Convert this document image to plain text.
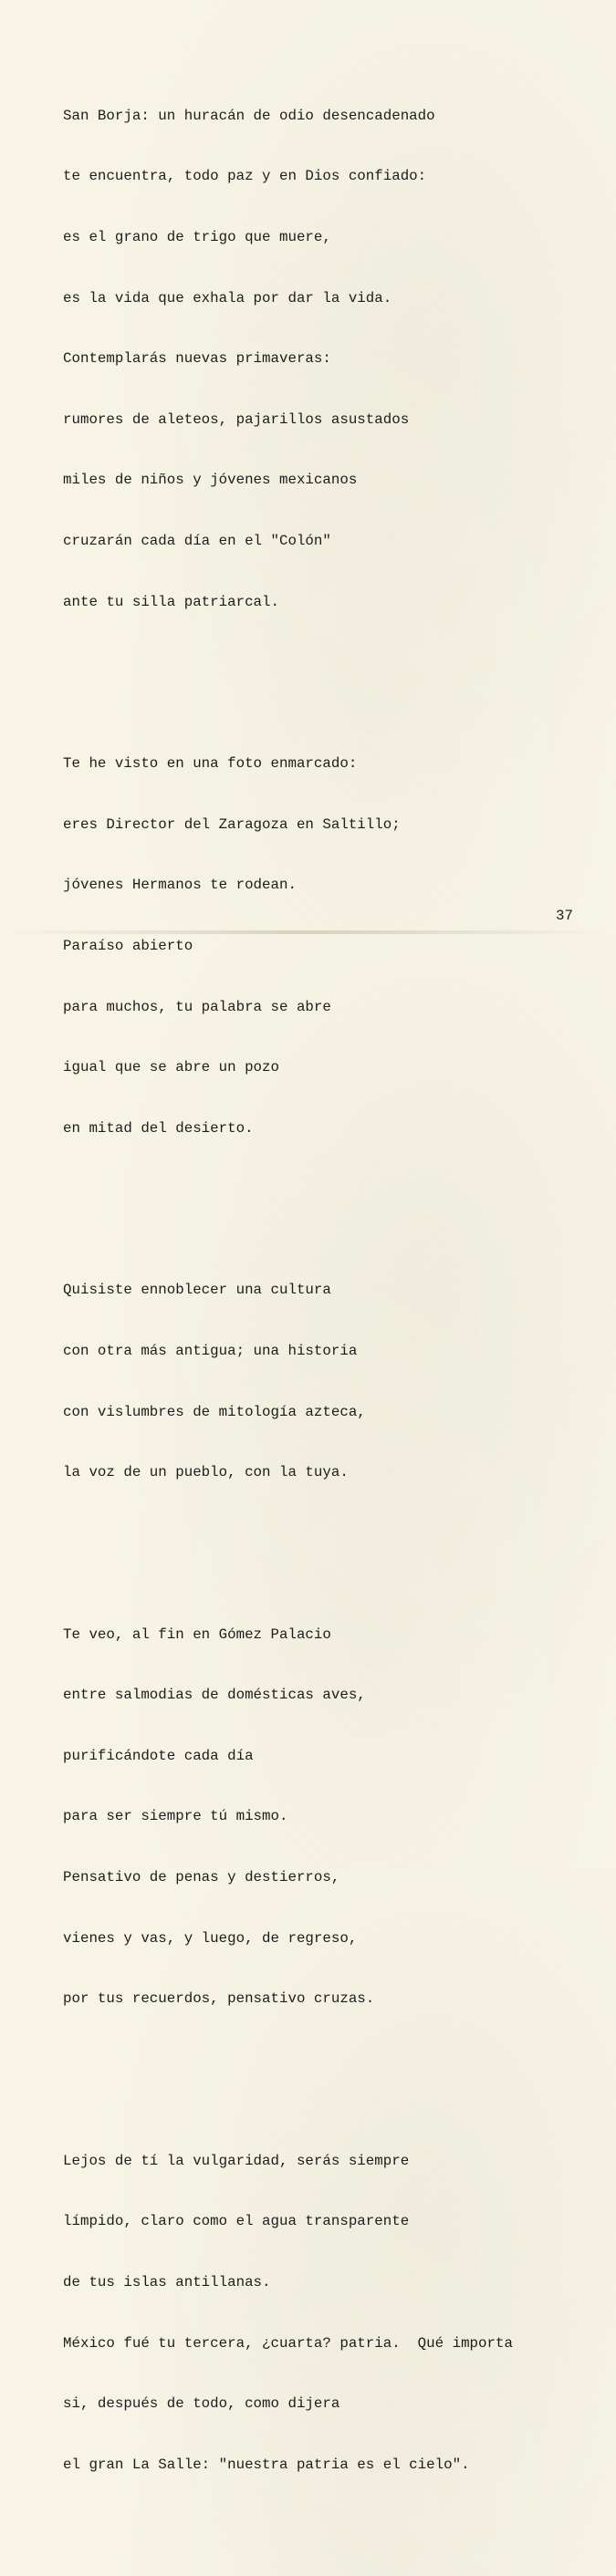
San Borja: un huracán de odio desencadenado

te encuentra, todo paz y en Dios confiado:

es el grano de trigo que muere,

es la vida que exhala por dar la vida.

Contemplarás nuevas primaveras:

rumores de aleteos, pajarillos asustados

miles de niños y jóvenes mexicanos

cruzarán cada día en el "Colón"

ante tu silla patriarcal.

Te he visto en una foto enmarcado:

eres Director del Zaragoza en Saltillo;

jóvenes Hermanos te rodean.

Paraíso abierto

para muchos, tu palabra se abre

igual que se abre un pozo

en mitad del desierto.

Quisiste ennoblecer una cultura

con otra más antigua; una historia

con vislumbres de mitología azteca,

la voz de un pueblo, con la tuya.

Te veo, al fin en Gómez Palacio

entre salmodias de domésticas aves,

purificándote cada día

para ser siempre tú mismo.

Pensativo de penas y destierros,

vienes y vas, y luego, de regreso,

por tus recuerdos, pensativo cruzas.

Lejos de tí la vulgaridad, serás siempre

límpido, claro como el agua transparente

de tus islas antillanas.

México fué tu tercera, ¿cuarta? patria.  Qué importa

si, después de todo, como dijera

el gran La Salle: "nuestra patria es el cielo".

37
